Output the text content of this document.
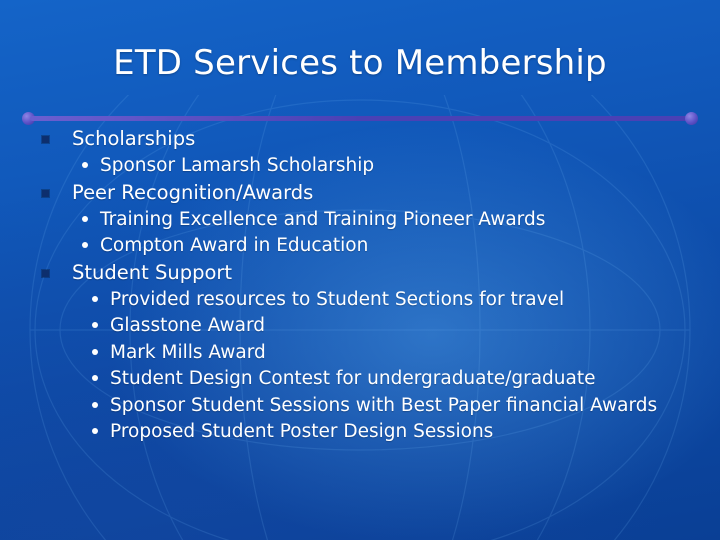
ETD Services to Membership

Scholarships

Sponsor Lamarsh Scholarship

Peer Recognition/Awards

Training Excellence and Training Pioneer Awards

Compton Award in Education

Student Support

Provided resources to Student Sections for travel

Glasstone Award

Mark Mills Award

Student Design Contest for undergraduate/graduate

Sponsor Student Sessions with Best Paper financial Awards

Proposed Student Poster Design Sessions
